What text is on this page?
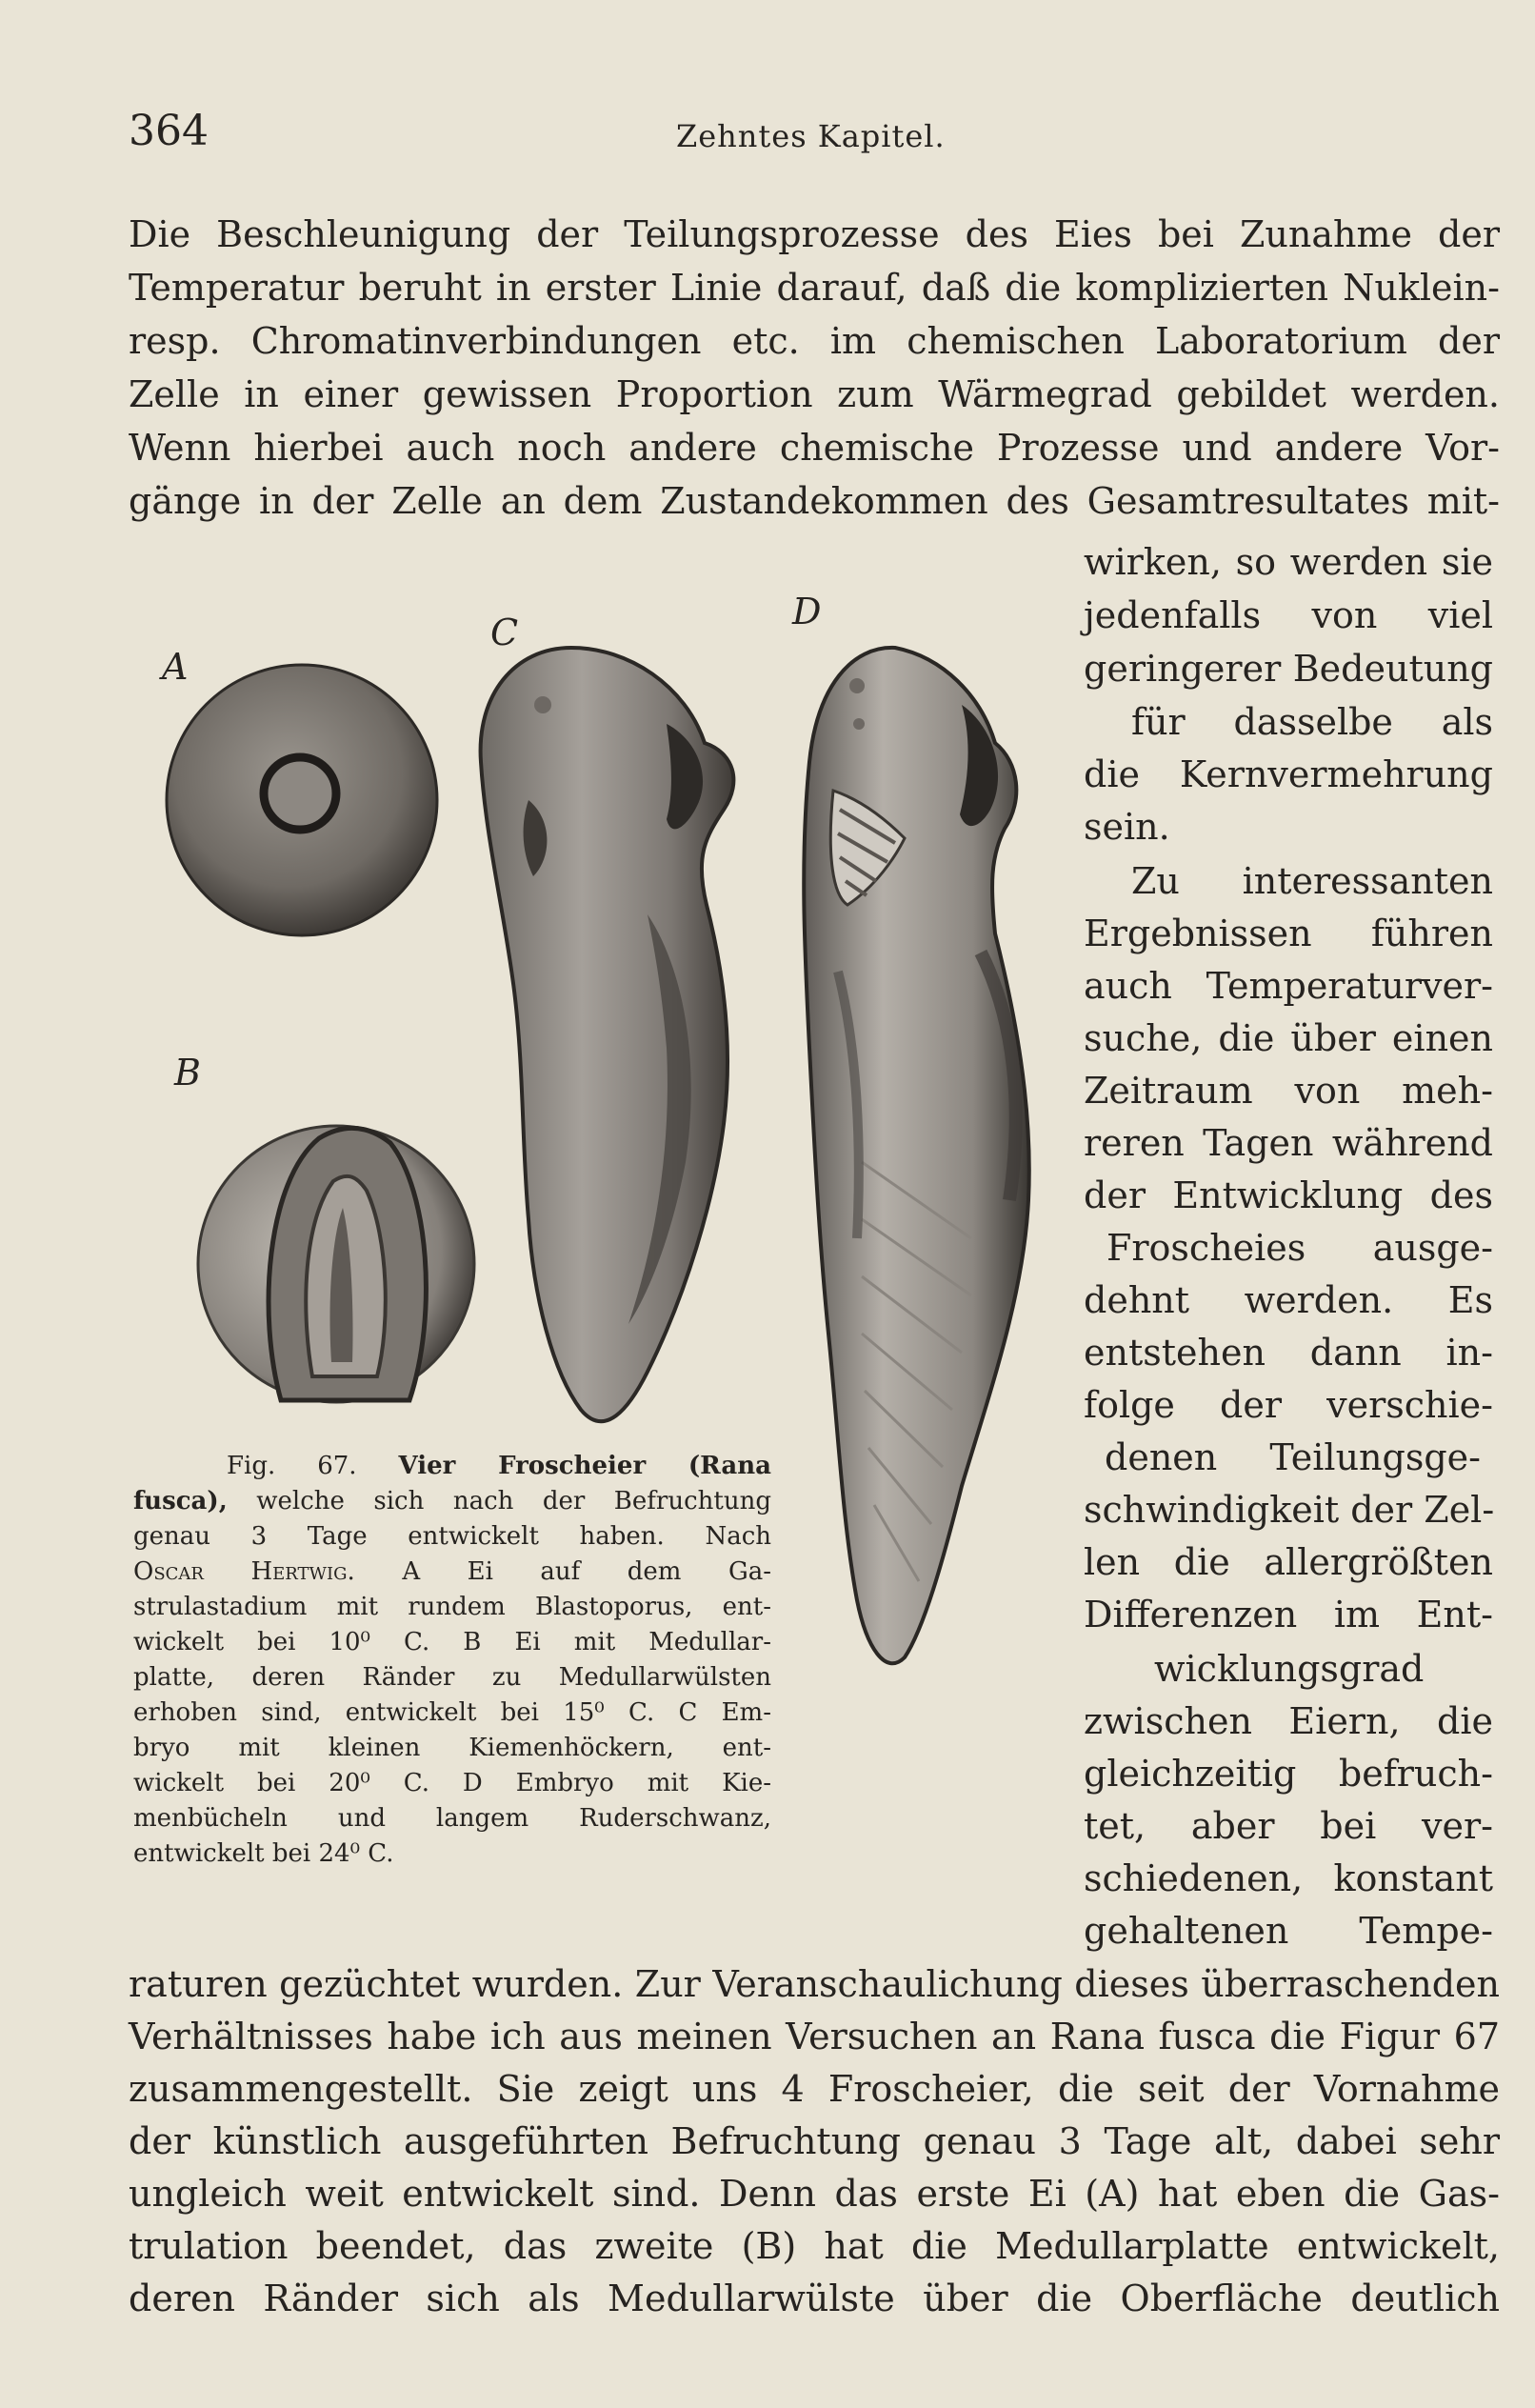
364	Zehntes Kapitel.
Die Beschleunigung der Teilungsprozesse des Eies bei Zunahme der
Temperatur beruht in erster Linie darauf, daß die komplizierten Nuklein-
resp. Chromatinverbindungen etc. im chemischen Laboratorium der
Zelle in einer gewissen Proportion zum Wärmegrad gebildet werden.
Wenn hierbei auch noch andere chemische Prozesse und andere Vor-
gänge in der Zelle an dem Zustandekommen des Gesamtresultates mit-
wirken, so werden sie
jedenfalls von viel
geringerer Bedeutung
für dasselbe als
die Kernvermehrung
sein.
Zu interessanten
Ergebnissen führen
auch Temperaturver-
suche, die über einen
Zeitraum von meh-
reren Tagen während
der Entwicklung des
Froscheies ausge-
dehnt werden. Es
entstehen dann in-
folge der verschie-
denen Teilungsge-
schwindigkeit der Zel-
len die allergrößten
Differenzen im Ent-
wicklungsgrad
zwischen Eiern, die
gleichzeitig befruch-
tet, aber bei ver-
schiedenen, konstant
gehaltenen Tempe-
raturen gezüchtet wurden. Zur Veranschaulichung dieses überraschenden
Verhältnisses habe ich aus meinen Versuchen an Rana fusca die Figur 67
zusammengestellt. Sie zeigt uns 4 Froscheier, die seit der Vornahme
der künstlich ausgeführten Befruchtung genau 3 Tage alt, dabei sehr
ungleich weit entwickelt sind. Denn das erste Ei (A) hat eben die Gas-
trulation beendet, das zweite (B) hat die Medullarplatte entwickelt,
deren Ränder sich als Medullarwülste über die Oberfläche deutlich
A
B
C	D
Fig. 67. Vier Froscheier (Rana
fusca), welche sich nach der Befruchtung
genau 3 Tage entwickelt haben. Nach
Oscar Hertwig. A Ei auf dem Ga-
strulastadium mit rundem Blastoporus, ent-
wickelt bei 10⁰ C. B Ei mit Medullar-
platte, deren Ränder zu Medullarwülsten
erhoben sind, entwickelt bei 15⁰ C. C Em-
bryo mit kleinen Kiemenhöckern, ent-
wickelt bei 20⁰ C. D Embryo mit Kie-
menbücheln und langem Ruderschwanz,
entwickelt bei 24⁰ C.
